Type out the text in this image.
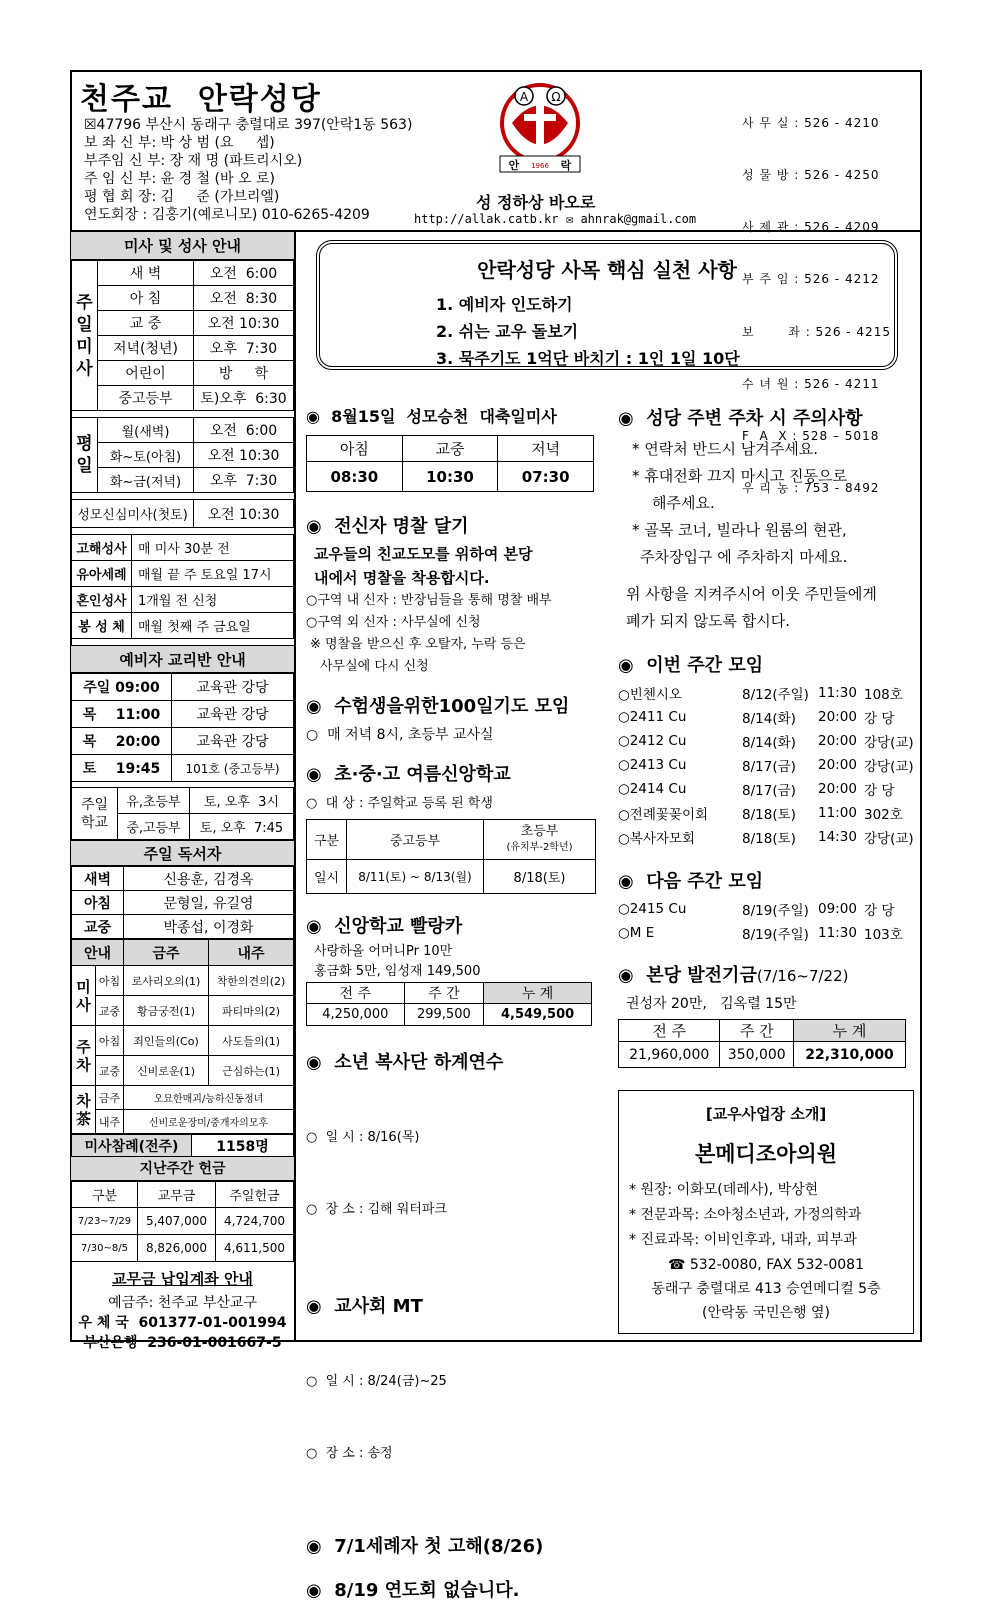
천주교  안락성당
☒47796 부산시 동래구 충렬대로 397(안락1동 563)
보 좌 신 부: 박 상 범 (요     셉)
부주임 신 부: 장 재 명 (파트리시오)
주 임 신 부: 윤 경 철 (바 오 로)
평 협 회 장: 김     준 (가브리엘)
연도회장 : 김홍기(예로니모) 010-6265-4209
A Ω
안 1966 락
성 정하상 바오로
http://allak.catb.kr ✉ ahnrak@gmail.com

사 무 실 : 526 - 4210

성 물 방 : 526 - 4250

사 제 관 : 526 - 4209

부 주 임 : 526 - 4212

보       좌 : 526 - 4215

수 녀 원 : 526 - 4211

F  A  X : 528 – 5018

우 리 농 : 753 - 8492

미사 및 성사 안내
주일미사	새 벽	오전  6:00
	아 침	오전  8:30
	교 중	오전 10:30
	저녁(청년)	오후  7:30
	어린이	방     학
	중고등부	토)오후  6:30
평일	월(새벽)	오전  6:00
	화~토(아침)	오전 10:30
	화~금(저녁)	오후  7:30
성모신심미사(첫토)	오전 10:30
고해성사	매 미사 30분 전
유아세례	매월 끝 주 토요일 17시
혼인성사	1개월 전 신청
봉 성 체	매월 첫째 주 금요일
예비자 교리반 안내
주일 09:00	교육관 강당
목    11:00	교육관 강당
목    20:00	교육관 강당
토    19:45	101호 (중고등부)
주일학교	유,초등부	토, 오후  3시
	중,고등부	토, 오후  7:45
주일 독서자
새벽	신용훈, 김경옥
아침	문형일, 유길영
교중	박종섭, 이경화
안내		금주	내주
미사	아침	로사리오의(1)	착한의견의(2)
	교중	황금궁전(1)	파티마의(2)
주차	아침	죄인들의(Co)	사도들의(1)
	교중	신비로운(1)	근심하는(1)
차茶	금주	오묘한매괴/능하신동정녀	
	내주	신비로운장미/중개자의모후	
미사참례(전주)	1158명
지난주간 헌금
구분	교무금	주일헌금
7/23~7/29	5,407,000	4,724,700
7/30~8/5	8,826,000	4,611,500
교무금 납입계좌 안내
예금주: 천주교 부산교구
우 체 국  601377-01-001994
부산은행  236-01-001667-5
안락성당 사목 핵심 실천 사항
1. 예비자 인도하기
2. 쉬는 교우 돌보기
3. 묵주기도 1억단 바치기 : 1인 1일 10단
◉  8월15일  성모승천  대축일미사
아침	교중	저녁
08:30	10:30	07:30
◉  전신자 명찰 달기
교우들의 친교도모를 위하여 본당
내에서 명찰을 착용합시다.
○구역 내 신자 : 반장님들을 통해 명찰 배부
○구역 외 신자 : 사무실에 신청
※ 명찰을 받으신 후 오탈자, 누락 등은
사무실에 다시 신청
◉  수험생을위한100일기도 모임
○  매 저녁 8시, 초등부 교사실
◉  초·중·고 여름신앙학교
○  대 상 : 주일학교 등록 된 학생
구분	중고등부	초등부
(유치부-2학년)

일시	8/11(토) ~ 8/13(월)	8/18(토)
◉  신앙학교 빨랑카
사랑하올 어머니Pr 10만
홍금화 5만, 임성재 149,500
전 주	주 간	누 계
4,250,000	299,500	4,549,500
◉  소년 복사단 하계연수

○  일 시 : 8/16(목)

○  장 소 : 김해 워터파크

◉  교사회 MT

○  일 시 : 8/24(금)~25

○  장 소 : 송정

◉  7/1세례자 첫 고해(8/26)
◉  8/19 연도회 없습니다.
◉  성당 주변 주차 시 주의사항
* 연락처 반드시 남겨주세요.
* 휴대전화 끄지 마시고 진동으로
해주세요.
* 골목 코너, 빌라나 원룸의 현관,
주차장입구 에 주차하지 마세요.
위 사항을 지켜주시어 이웃 주민들에게
폐가 되지 않도록 합시다.
◉  이번 주간 모임
○빈첸시오	8/12(주일)	11:30	108호
○2411 Cu	8/14(화)	20:00	강 당
○2412 Cu	8/14(화)	20:00	강당(교)
○2413 Cu	8/17(금)	20:00	강당(교)
○2414 Cu	8/17(금)	20:00	강 당
○전례꽃꽂이회	8/18(토)	11:00	302호
○복사자모회	8/18(토)	14:30	강당(교)
◉  다음 주간 모임
○2415 Cu	8/19(주일)	09:00	강 당
○M E	8/19(주일)	11:30	103호
◉  본당 발전기금(7/16~7/22)
권성자 20만,   김옥렬 15만
전 주	주 간	누 계
21,960,000	350,000	22,310,000
[교우사업장 소개]
본메디조아의원
* 원장: 이화모(데레사), 박상현
* 전문과목: 소아청소년과, 가정의학과
* 진료과목: 이비인후과, 내과, 피부과
☎ 532-0080, FAX 532-0081
동래구 충렬대로 413 승연메디컬 5층
(안락동 국민은행 옆)
